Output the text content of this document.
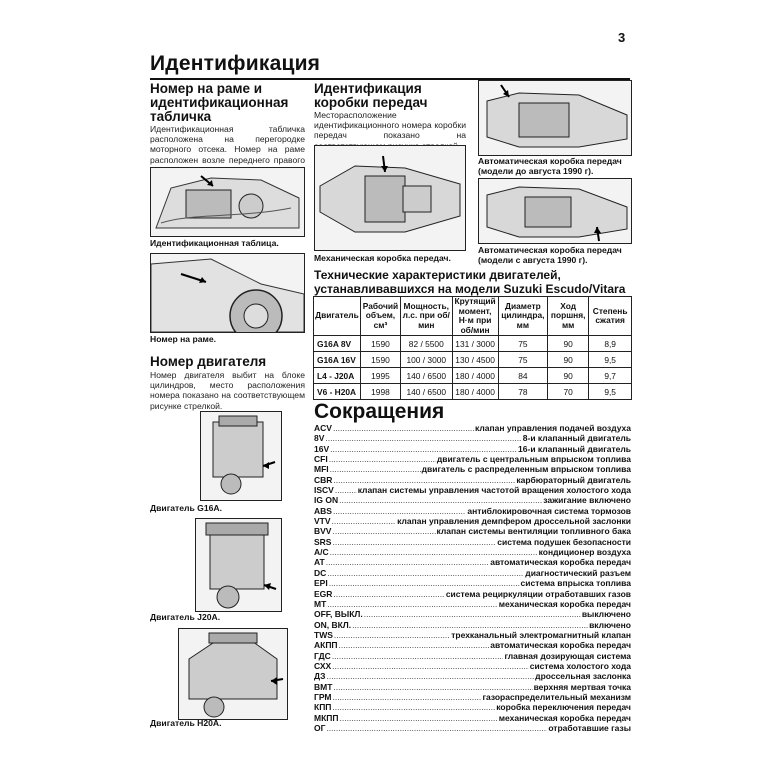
3
Идентификация
Номер на раме и
идентификационная
табличка
Идентификационная табличка расположена на перегородке моторного отсека. Номер на раме расположен возле переднего правого
Идентификационная таблица.
Номер на раме.
Номер двигателя
Номер двигателя выбит на блоке цилиндров, место расположения номера показано на соответствующем рисунке стрелкой.
Двигатель G16A.
Двигатель J20A.
Двигатель H20A.
Идентификация
коробки передач
Месторасположение идентификационного номера коробки передач показано на
Механическая коробка передач.
Автоматическая коробка передач
(модели до августа 1990 г).
Автоматическая коробка передач
(модели с августа 1990 г).
Технические характеристики двигателей,
устанавливавшихся на модели Suzuki Escudo/Vitara
Двигатель	Рабочий объем, см³	Мощность, л.с. при об/мин	Крутящий момент, Н·м при об/мин	Диаметр цилиндра, мм	Ход поршня, мм	Степень сжатия
G16A 8V	1590	82 / 5500	131 / 3000	75	90	8,9
G16A 16V	1590	100 / 3000	130 / 4500	75	90	9,5
L4 - J20A	1995	140 / 6500	180 / 4000	84	90	9,7
V6 - H20A	1998	140 / 6500	180 / 4000	78	70	9,5
Сокращения
ACV .....	клапан управления подачей воздуха
8V .....	8-и клапанный двигатель
16V .....	16-и клапанный двигатель
CFI .....	двигатель с центральным впрыском топлива
MFI .....	двигатель с распределенным впрыском топлива
CBR .....	карбюраторный двигатель
ISCV .....	клапан системы управления частотой вращения холостого хода
IG ON .....	зажигание включено
ABS .....	антиблокировочная система тормозов
VTV .....	клапан управления демпфером дроссельной заслонки
BVV .....	клапан системы вентиляции топливного бака
SRS .....	система подушек безопасности
A/C .....	кондиционер воздуха
AT .....	автоматическая коробка передач
DC .....	диагностический разъем
EPI .....	система впрыска топлива
EGR .....	система рециркуляции отработавших газов
MT .....	механическая коробка передач
OFF, ВЫКЛ. .....	выключено
ON, ВКЛ. .....	включено
TWS .....	трехканальный электромагнитный клапан
АКПП .....	автоматическая коробка передач
ГДС .....	главная дозирующая система
СХХ .....	система холостого хода
ДЗ .....	дроссельная заслонка
ВМТ .....	верхняя мертвая точка
ГРМ .....	газораспределительный механизм
КПП .....	коробка переключения передач
МКПП .....	механическая коробка передач
ОГ .....	отработавшие газы
